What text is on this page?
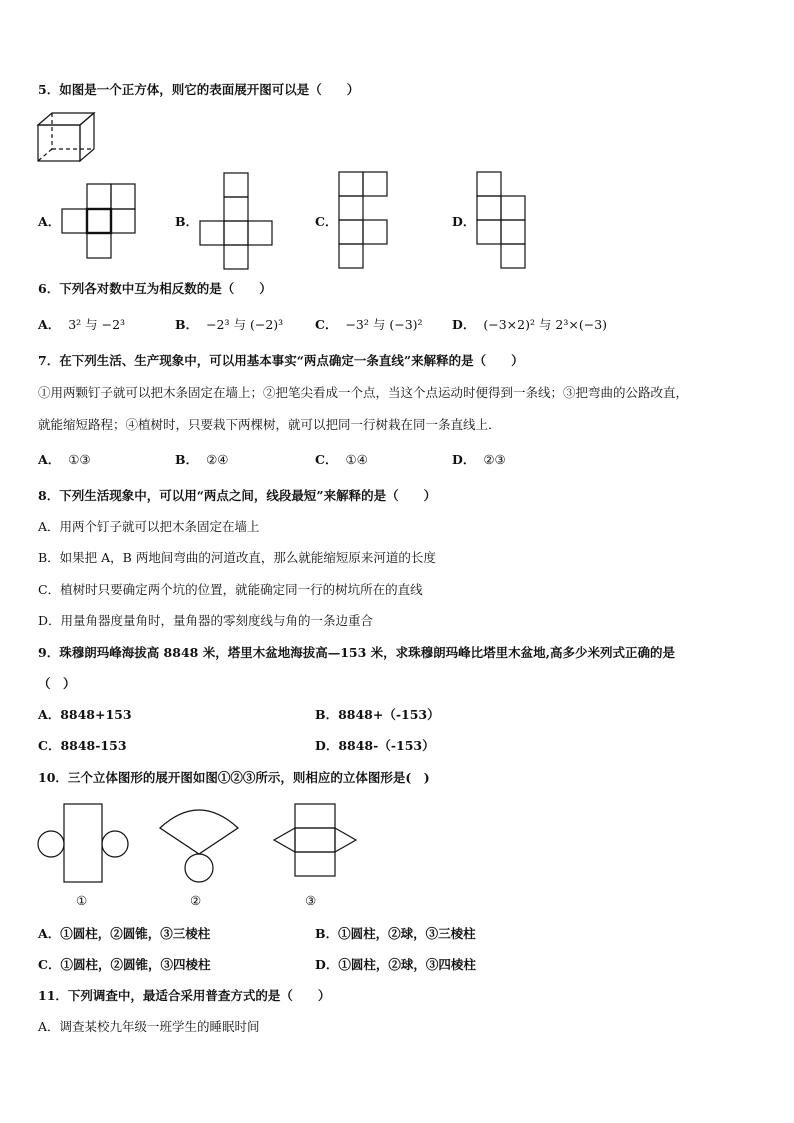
5．如图是一个正方体，则它的表面展开图可以是（　　）
A．	B．	C．	D．
6．下列各对数中互为相反数的是（　　）
A． 3² 与 −2³	B． −2³ 与 (−2)³	C． −3² 与 (−3)² D． (−3×2)² 与 2³×(−3)
7．在下列生活、生产现象中，可以用基本事实“两点确定一条直线”来解释的是（　　）
①用两颗钉子就可以把木条固定在墙上；②把笔尖看成一个点，当这个点运动时便得到一条线；③把弯曲的公路改直，
就能缩短路程；④植树时，只要栽下两棵树，就可以把同一行树栽在同一条直线上．
A． ①③	B． ②④	C． ①④	D． ②③
8．下列生活现象中，可以用“两点之间，线段最短”来解释的是（　　）
A．用两个钉子就可以把木条固定在墙上
B．如果把 A，B 两地间弯曲的河道改直，那么就能缩短原来河道的长度
C．植树时只要确定两个坑的位置，就能确定同一行的树坑所在的直线
D．用量角器度量角时，量角器的零刻度线与角的一条边重合
9．珠穆朗玛峰海拔高 8848 米，塔里木盆地海拔高—153 米，求珠穆朗玛峰比塔里木盆地,高多少米列式正确的是
（　）
A．8848+153	B．8848+（-153）
C．8848-153	D．8848-（-153）
10．三个立体图形的展开图如图①②③所示，则相应的立体图形是(　)
①	②	③
A．①圆柱，②圆锥，③三棱柱	B．①圆柱，②球，③三棱柱
C．①圆柱，②圆锥，③四棱柱	D．①圆柱，②球，③四棱柱
11．下列调查中，最适合采用普查方式的是（　　）
A．调查某校九年级一班学生的睡眠时间
